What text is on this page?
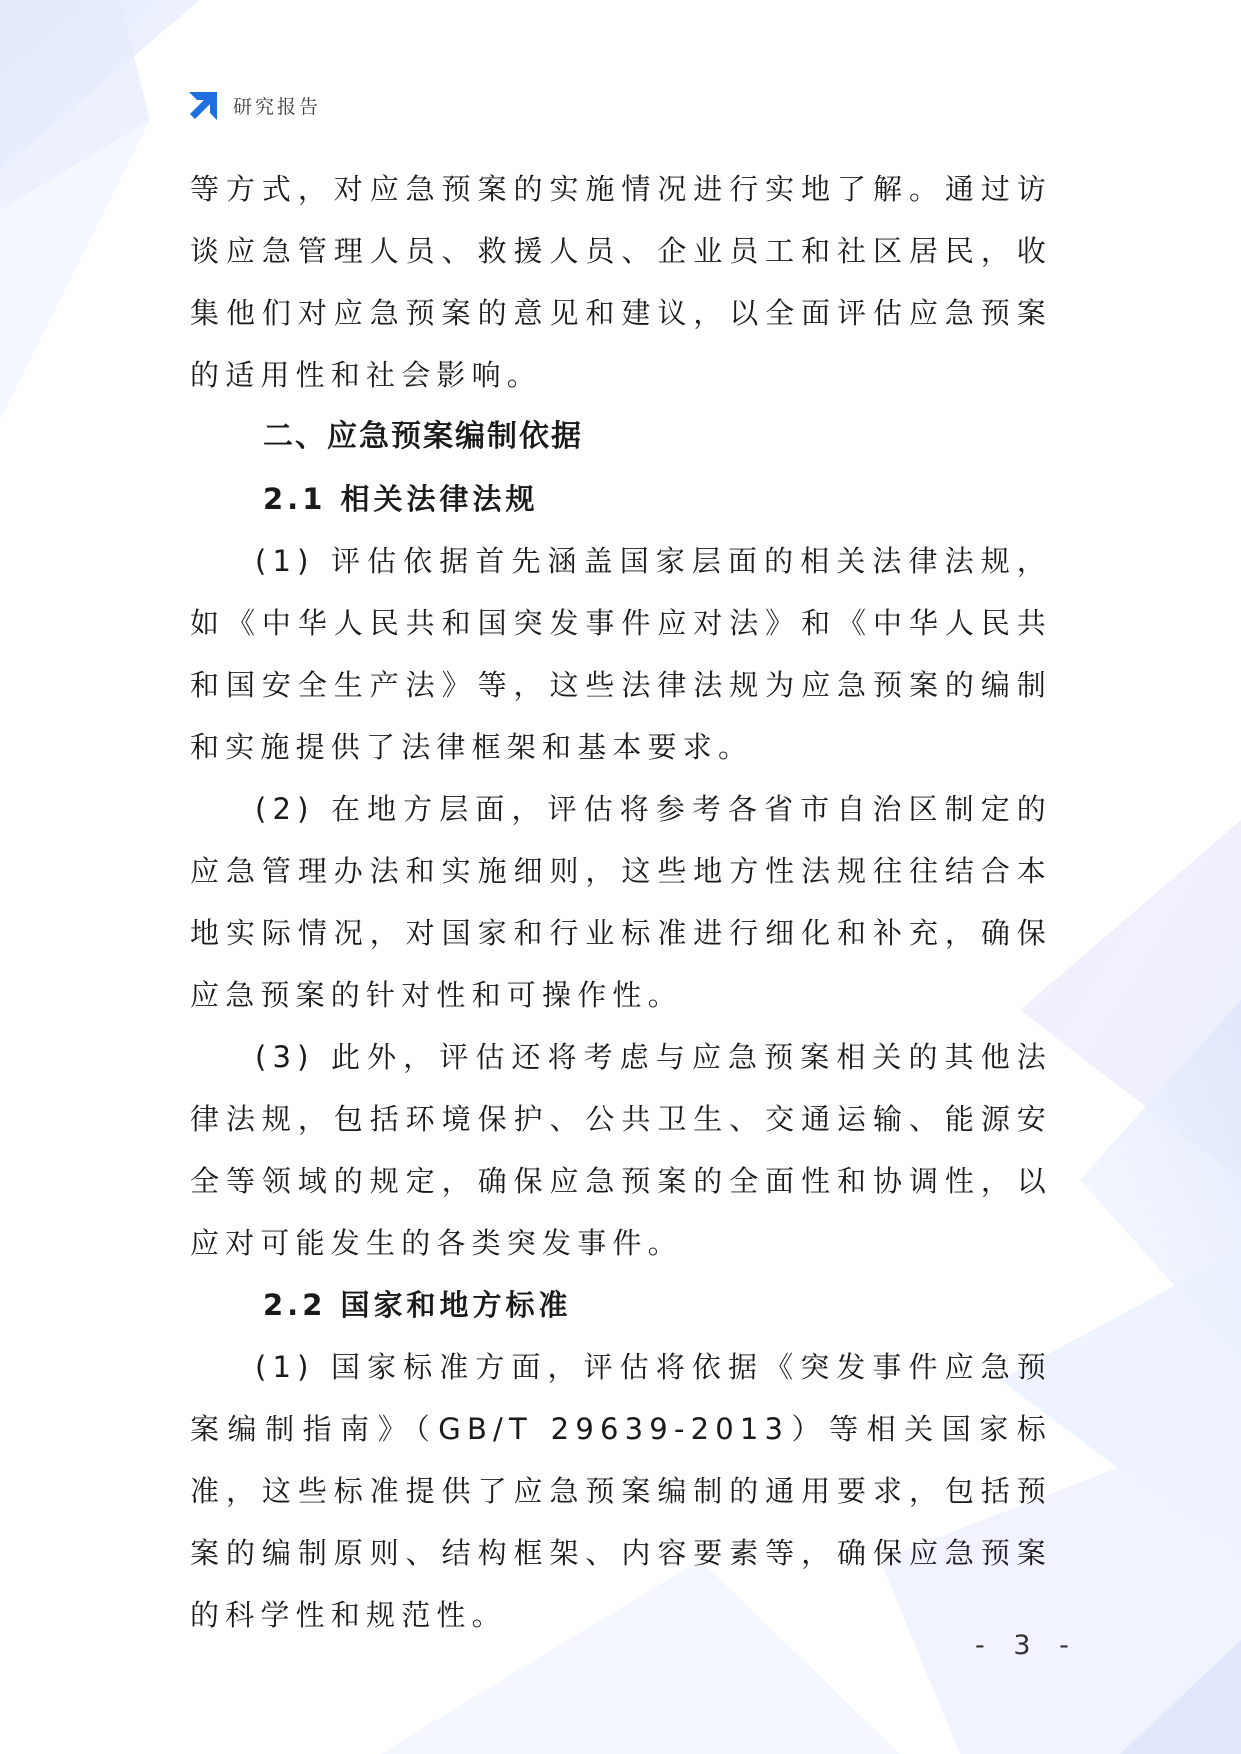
研究报告

等方式，对应急预案的实施情况进行实地了解。通过访谈应急管理人员、救援人员、企业员工和社区居民，收集他们对应急预案的意见和建议，以全面评估应急预案的适用性和社会影响。

二、应急预案编制依据
2.1 相关法律法规

(1) 评估依据首先涵盖国家层面的相关法律法规，如《中华人民共和国突发事件应对法》和《中华人民共和国安全生产法》等，这些法律法规为应急预案的编制和实施提供了法律框架和基本要求。

(2) 在地方层面，评估将参考各省市自治区制定的应急管理办法和实施细则，这些地方性法规往往结合本地实际情况，对国家和行业标准进行细化和补充，确保应急预案的针对性和可操作性。

(3) 此外，评估还将考虑与应急预案相关的其他法律法规，包括环境保护、公共卫生、交通运输、能源安全等领域的规定，确保应急预案的全面性和协调性，以应对可能发生的各类突发事件。

2.2 国家和地方标准

(1) 国家标准方面，评估将依据《突发事件应急预案编制指南》（GB/T 29639-2013）等相关国家标准，这些标准提供了应急预案编制的通用要求，包括预案的编制原则、结构框架、内容要素等，确保应急预案的科学性和规范性。

- 3 -
